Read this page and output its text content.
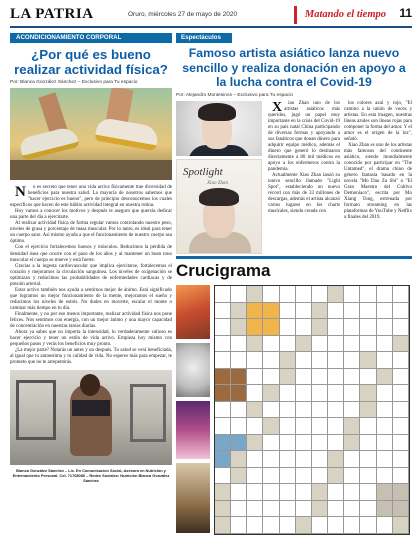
LA PATRIA	Oruro, miércoles 27 de mayo de 2020	Matando el tiempo	11
ACONDICIONAMIENTO CORPORAL
¿Por qué es bueno realizar actividad física?
Por: Blanca González Sánchez – Exclusivo para Tu espacio

N o es secreto que tener una vida activa físicamente trae diversidad de beneficios para nuestra salud. La mayoría de nosotros sabemos que "hacer ejercicio es bueno", pero de principio desconocemos los cuales específicos que hacen de este hábito actividad integral en nuestra rutina.

Hoy vamos a conocer los motivos y después te aseguro que querrás dedicar una parte del día a ejercitarte.

Al realizar actividad física de forma regular vamos controlando nuestro peso, niveles de grasa y porcentaje de masa muscular. Por lo tanto, es ideal para tener un cuerpo sano. Así mismo ayuda a que el funcionamiento de nuestro cuerpo sea óptimo.

Con el ejercicio fortalecemos huesos y músculos. Reducimos la pérdida de densidad ósea que ocurre con el paso de los años y al mantener un buen tono muscular el cuerpo se mueve y está fuerte.

Gracias a la ingesta cardiovascular que implica ejercitarse, fortalecemos el corazón y mejoramos la circulación sanguínea. Los niveles de oxigenación se optimizan y reducimos las probabilidades de enfermedades cardiacas y de presión arterial.

Estar activo también nos ayuda a sentirnos mejor de ánimo. Está significado que logramos un mejor funcionamiento de la mente, mejoramos el sueño y reducimos los niveles de estrés. No dudes en moverte, escalar el monte o caminar más tiempo en tu día.

Finalmente, y no por eso menos importante, realizar actividad física nos pone felices. Nos sentimos con energía, con un mejor ánimo y una mayor capacidad de concentración en nuestras tareas diarias.

Ahora ya sabes que no importa la intensidad, lo verdaderamente valioso es hacer ejercicio y tener un estilo de vida activo. Empieza hoy mismo con pequeños pasos y verás los beneficios muy pronto.

¿La mejor parte? Notarás un antes y un después. Tu salud se verá beneficiada, al igual que tu autoestima y tu calidad de vida. No esperes más para empezar, te prometo que no te arrepentirás.

Blanca González Sánchez – Lic. En Comunicación Social, Asesora en Nutrición y Entrenamiento Personal. Cel. 71708080 – Redes Sociales: Nutrición Blanca González Sánchez
Espectáculos
Famoso artista asiático lanza nuevo sencillo y realiza donación en apoyo a la lucha contra el Covid-19
Por: Alejandro Montesinos – Exclusivo para Tu espacio
Spotlight
Xiao Zhan

X iao Zhan uno de los artistas asiáticos más queridos, jugó un papel muy importante en la crisis del Covid-19 en su país natal China participando de diversas formas y apoyando a sus fanáticos que donan dinero para adquirir equipo médico, además el dinero que generó lo destinaron directamente a 80 mil médicos en apoyo a los enfermeros contra la pandemia.

Actualmente Xiao Zhan lanzó su nuevo sencillo llamado "Light Spot", estableciendo un nuevo récord con más de 33 millones de descargas, además el artista alcanzó varios lugares en los charts musicales, siendo creada con

los colores azul y rojo, "El camino a la unión de voces y artistas. En esta imagen, nuestras líneas azules son líneas rojas para componer la forma del amor. Y el amor es el origen de la luz", señaló.

Xiao Zhan es uno de los artistas más famosos del continente asiático, siendo mundialmente conocido por participar en "The Untamed", el drama chino de género fantasía basado en la novela "Mo Dao Zu Shi" o "El Gran Maestro del Cultivo Demoníaco", escrita por Mo Xiang Tong, estrenada por formato streaming en las plataformas de YouTube y Netflix a finales del 2019.

Crucigrama
